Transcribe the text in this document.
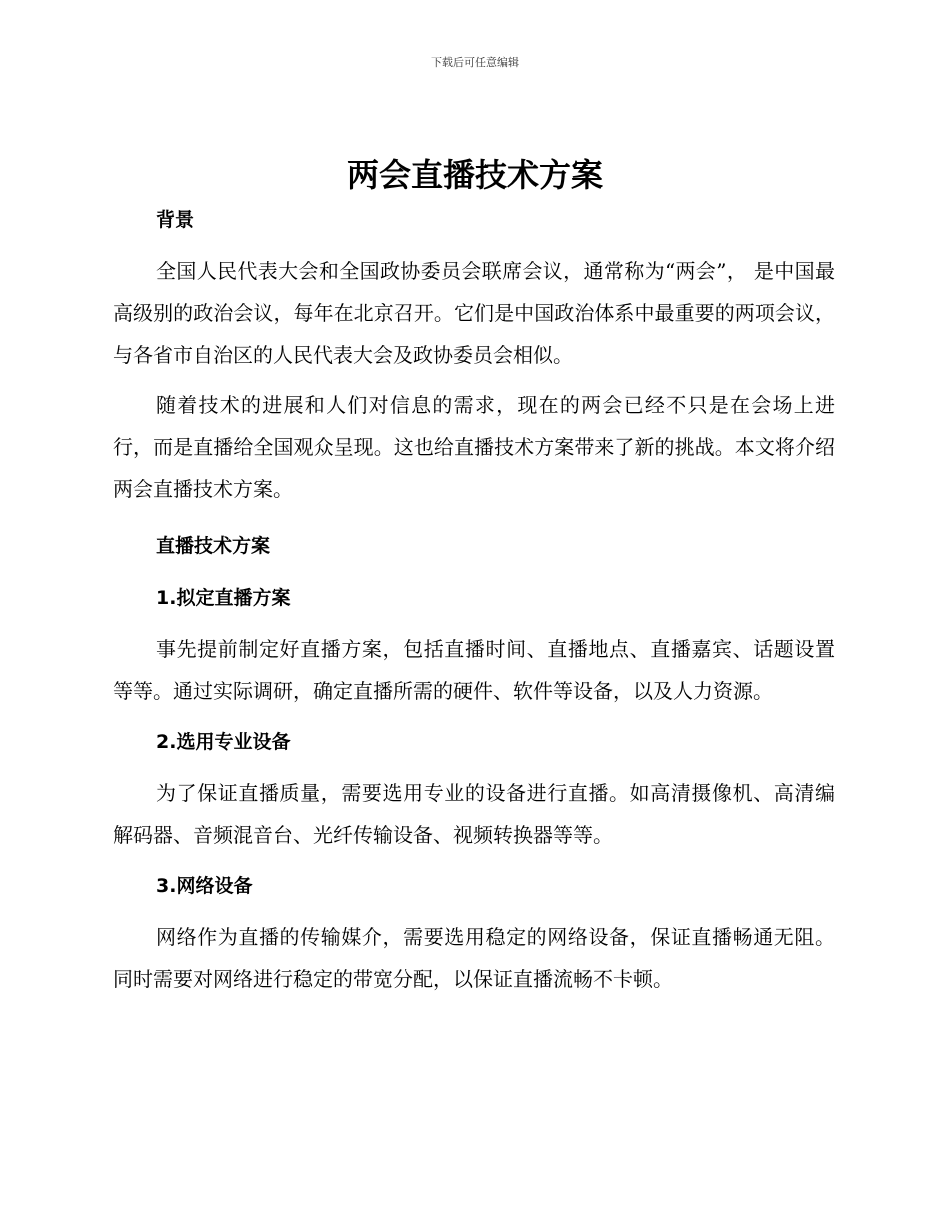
下载后可任意编辑
两会直播技术方案

背景

全国人民代表大会和全国政协委员会联席会议，通常称为“两会”， 是中国最高级别的政治会议，每年在北京召开。它们是中国政治体系中最重要的两项会议，与各省市自治区的人民代表大会及政协委员会相似。

随着技术的进展和人们对信息的需求，现在的两会已经不只是在会场上进行，而是直播给全国观众呈现。这也给直播技术方案带来了新的挑战。本文将介绍两会直播技术方案。

直播技术方案

1.拟定直播方案

事先提前制定好直播方案，包括直播时间、直播地点、直播嘉宾、话题设置等等。通过实际调研，确定直播所需的硬件、软件等设备，以及人力资源。

2.选用专业设备

为了保证直播质量，需要选用专业的设备进行直播。如高清摄像机、高清编解码器、音频混音台、光纤传输设备、视频转换器等等。

3.网络设备

网络作为直播的传输媒介，需要选用稳定的网络设备，保证直播畅通无阻。同时需要对网络进行稳定的带宽分配，以保证直播流畅不卡顿。
